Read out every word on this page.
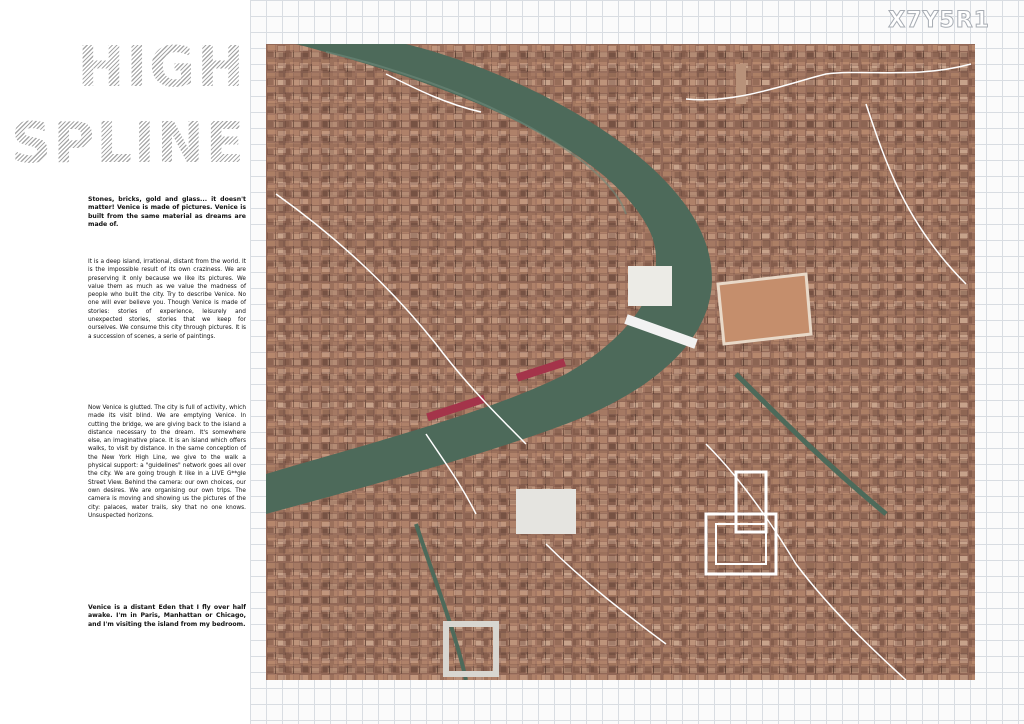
X7Y5R1
HIGH
SPLINE
Stones, bricks, gold and glass... it doesn't matter! Venice is made of pictures. Venice is built from the same material as dreams are made of.
It is a deep island, irrational, distant from the world. It is the impossible result of its own craziness. We are preserving it only because we like its pictures. We value them as much as we value the madness of people who built the city. Try to describe Venice. No one will ever believe you. Though Venice is made of stories: stories of experience, leisurely and unexpected stories, stories that we keep for ourselves. We consume this city through pictures. It is a succession of scenes, a serie of paintings.
Now Venice is glutted. The city is full of activity, which made its visit blind. We are emptying Venice. In cutting the bridge, we are giving back to the island a distance necessary to the dream. It's somewhere else, an imaginative place. It is an island which offers walks, to visit by distance. In the same conception of the New York High Line, we give to the walk a physical support: a "guidelines" network goes all over the city. We are going trough it like in a LIVE G**gle Street View. Behind the camera: our own choices, our own desires. We are organising our own trips. The camera is moving and showing us the pictures of the city: palaces, water trails, sky that no one knows. Unsuspected horizons.
Venice is a distant Eden that I fly over half awake. I'm in Paris, Manhattan or Chicago, and I'm visiting the island from my bedroom.
